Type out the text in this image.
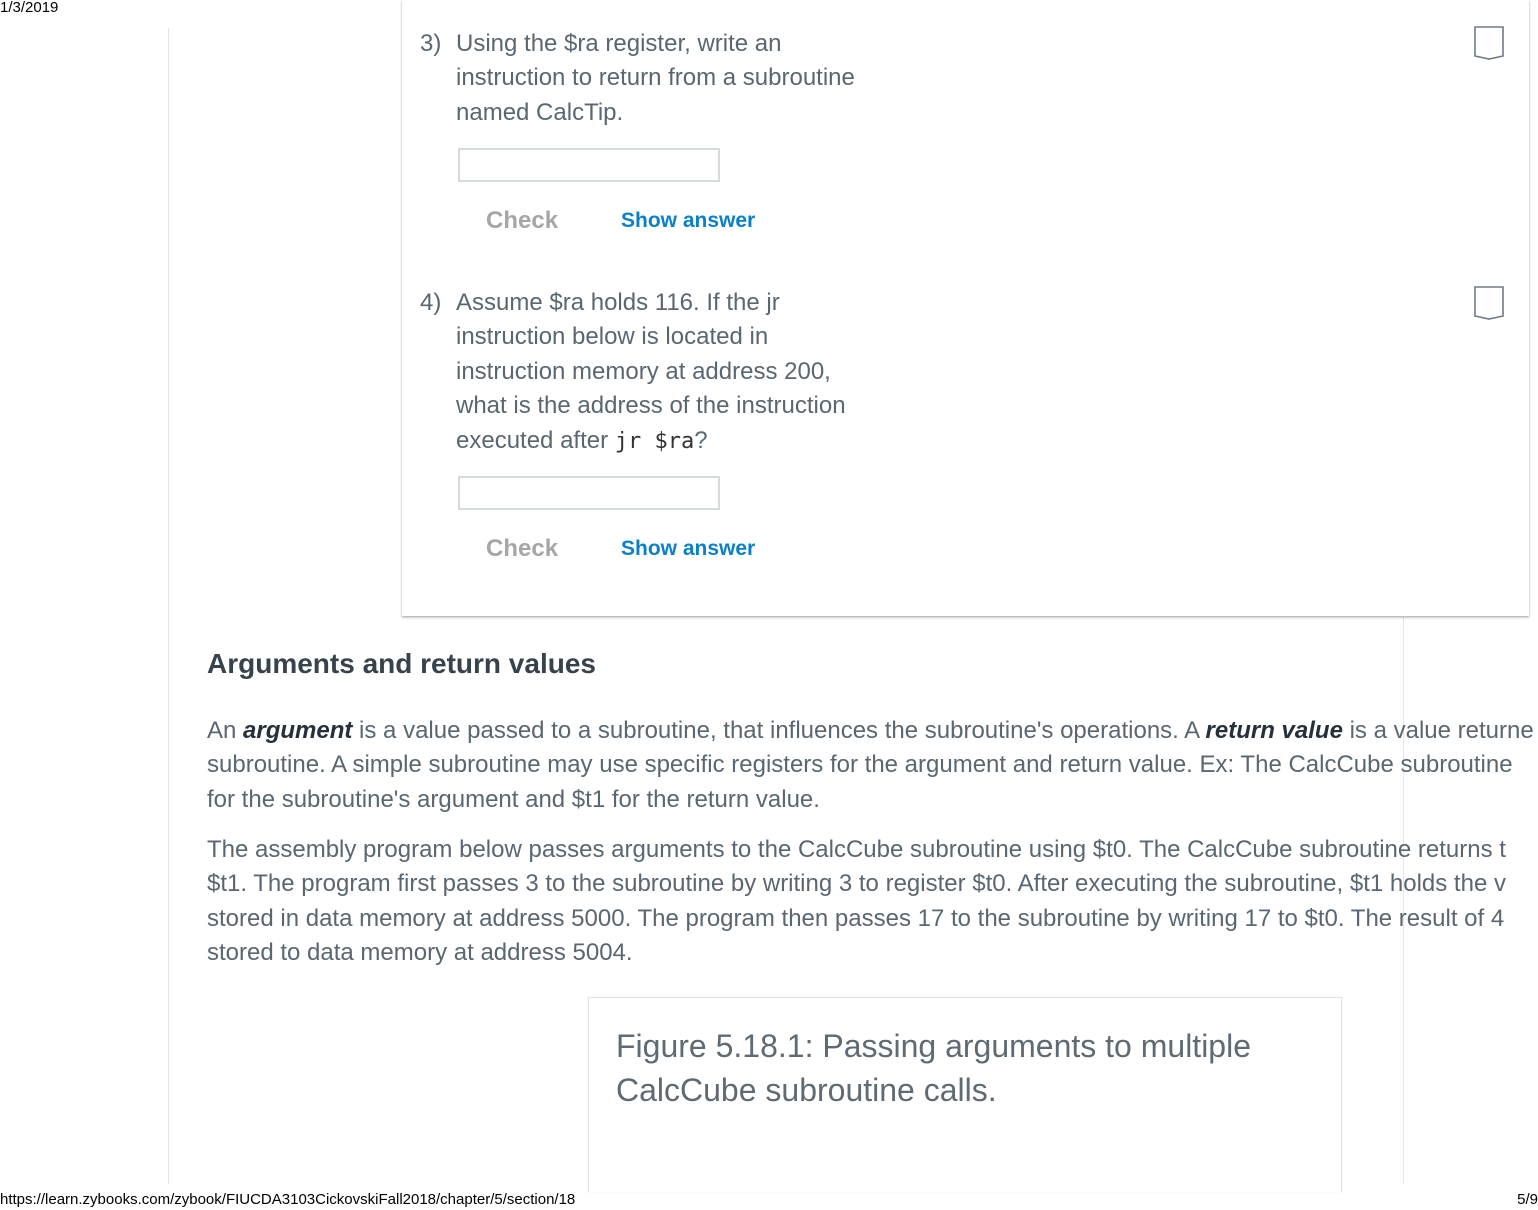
1/3/2019
3) Using the $ra register, write an
instruction to return from a subroutine
named CalcTip.
Check	Show answer
4) Assume $ra holds 116. If the jr
instruction below is located in
instruction memory at address 200,
what is the address of the instruction
executed after jr $ra?
Check	Show answer
Arguments and return values
An argument is a value passed to a subroutine, that influences the subroutine's operations. A return value is a value returne
subroutine. A simple subroutine may use specific registers for the argument and return value. Ex: The CalcCube subroutine
for the subroutine's argument and $t1 for the return value.
The assembly program below passes arguments to the CalcCube subroutine using $t0. The CalcCube subroutine returns t
$t1. The program first passes 3 to the subroutine by writing 3 to register $t0. After executing the subroutine, $t1 holds the v
stored in data memory at address 5000. The program then passes 17 to the subroutine by writing 17 to $t0. The result of 4
stored to data memory at address 5004.
Figure 5.18.1: Passing arguments to multiple
CalcCube subroutine calls.
https://learn.zybooks.com/zybook/FIUCDA3103CickovskiFall2018/chapter/5/section/18	5/9
